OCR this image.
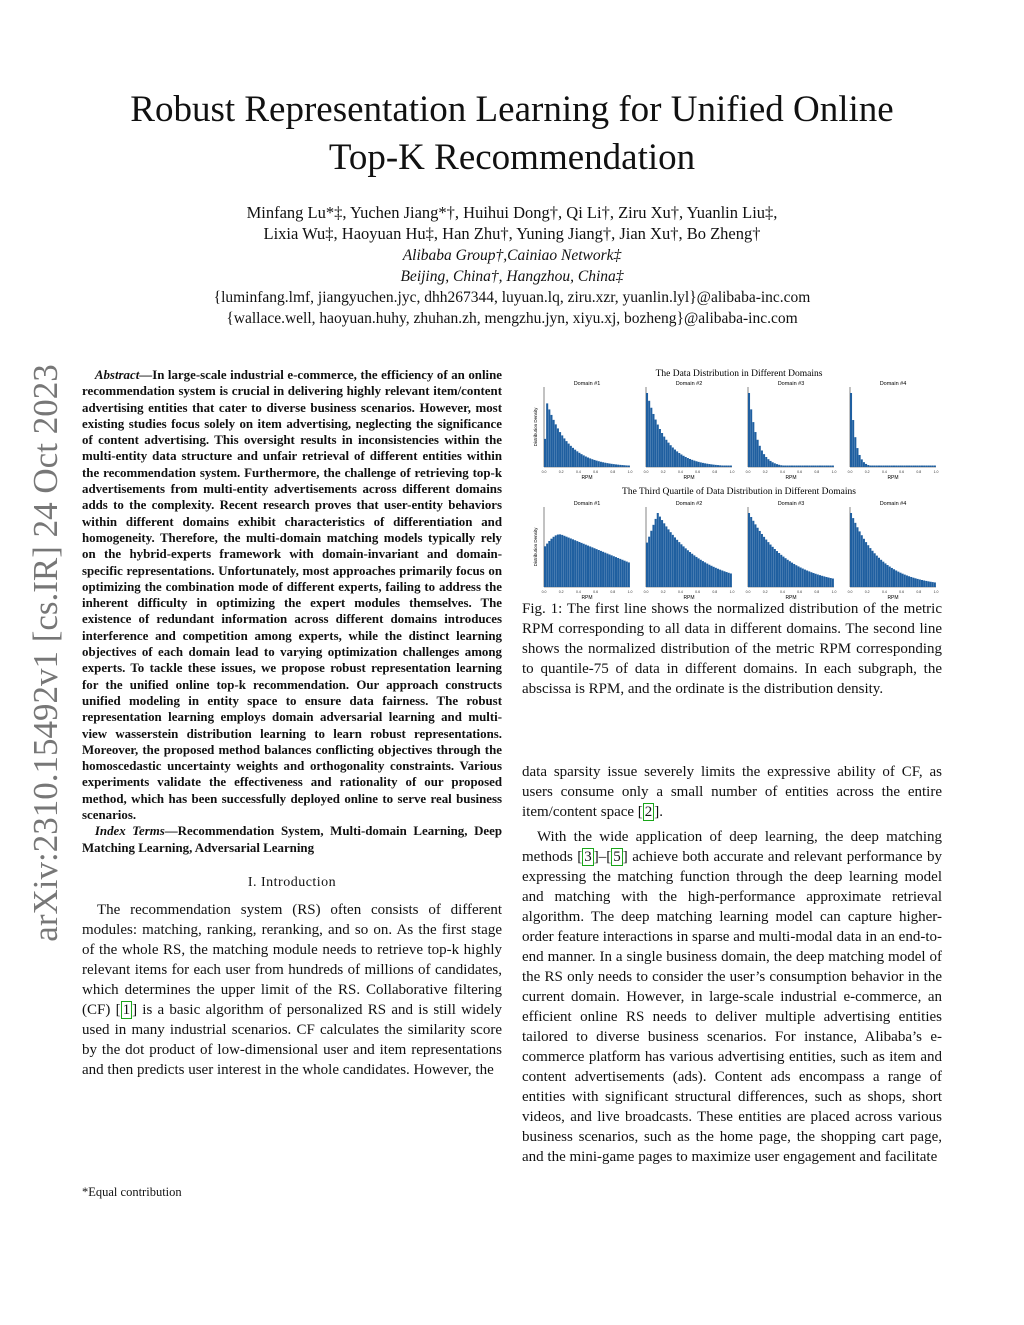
Robust Representation Learning for Unified Online
Top-K Recommendation
Minfang Lu*‡, Yuchen Jiang*†, Huihui Dong†, Qi Li†, Ziru Xu†, Yuanlin Liu‡,
Lixia Wu‡, Haoyuan Hu‡, Han Zhu†, Yuning Jiang†, Jian Xu†, Bo Zheng†
Alibaba Group†,Cainiao Network‡
Beijing, China†, Hangzhou, China‡
{luminfang.lmf, jiangyuchen.jyc, dhh267344, luyuan.lq, ziru.xzr, yuanlin.lyl}@alibaba-inc.com
{wallace.well, haoyuan.huhy, zhuhan.zh, mengzhu.jyn, xiyu.xj, bozheng}@alibaba-inc.com
arXiv:2310.15492v1 [cs.IR] 24 Oct 2023	Abstract—In large-scale industrial e-commerce, the efficiency of an online recommendation system is crucial in delivering highly relevant item/content advertising entities that cater to diverse business scenarios. However, most existing studies focus solely on item advertising, neglecting the significance of content advertising. This oversight results in inconsistencies within the multi-entity data structure and unfair retrieval of different entities within the recommendation system. Furthermore, the challenge of retrieving top-k advertisements from multi-entity advertisements across different domains adds to the complexity. Recent research proves that user-entity behaviors within different domains exhibit characteristics of differentiation and homogeneity. Therefore, the multi-domain matching models typically rely on the hybrid-experts framework with domain-invariant and domain-specific representations. Unfortunately, most approaches primarily focus on optimizing the combination mode of different experts, failing to address the inherent difficulty in optimizing the expert modules themselves. The existence of redundant information across different domains introduces interference and competition among experts, while the distinct learning objectives of each domain lead to varying optimization challenges among experts. To tackle these issues, we propose robust representation learning for the unified online top-k recommendation. Our approach constructs unified modeling in entity space to ensure data fairness. The robust representation learning employs domain adversarial learning and multi-view wasserstein distribution learning to learn robust representations. Moreover, the proposed method balances conflicting objectives through the homoscedastic uncertainty weights and orthogonality constraints. Various experiments validate the effectiveness and rationality of our proposed method, which has been successfully deployed online to serve real business scenarios.

Index Terms—Recommendation System, Multi-domain Learning, Deep Matching Learning, Adversarial Learning

I. Introduction

The recommendation system (RS) often consists of different modules: matching, ranking, reranking, and so on. As the first stage of the whole RS, the matching module needs to retrieve top-k highly relevant items for each user from hundreds of millions of candidates, which determines the upper limit of the RS. Collaborative filtering (CF) [ 1 ] is a basic algorithm of personalized RS and is still widely used in many industrial scenarios. CF calculates the similarity score by the dot product of low-dimensional user and item representations and then predicts user interest in the whole candidates. However, the

*Equal contribution
The Data Distribution in Different Domains
The Third Quartile of Data Distribution in Different Domains
Domain #1
0.0	0.2	0.4	0.6	0.8	1.0
RPM
Distribution Density
Domain #2
0.0	0.2	0.4	0.6	0.8	1.0
RPM
Domain #3
0.0	0.2	0.4	0.6	0.8	1.0
RPM
Domain #4
0.0	0.2	0.4	0.6	0.8	1.0
RPM
Domain #1
0.0	0.2	0.4	0.6	0.8	1.0
RPM
Distribution Density
Domain #2
0.0	0.2	0.4	0.6	0.8	1.0
RPM
Domain #3
0.0	0.2	0.4	0.6	0.8	1.0
RPM
Domain #4
0.0	0.2	0.4	0.6	0.8	1.0
RPM

Fig. 1: The first line shows the normalized distribution of the metric RPM corresponding to all data in different domains. The second line shows the normalized distribution of the metric RPM corresponding to quantile-75 of data in different domains. In each subgraph, the abscissa is RPM, and the ordinate is the distribution density.

data sparsity issue severely limits the expressive ability of CF, as users consume only a small number of entities across the entire item/content space [ 2 ].

With the wide application of deep learning, the deep matching methods [ 3 ]–[ 5 ] achieve both accurate and relevant performance by expressing the matching function through the deep learning model and matching with the high-performance approximate retrieval algorithm. The deep matching learning model can capture higher-order feature interactions in sparse and multi-modal data in an end-to-end manner. In a single business domain, the deep matching model of the RS only needs to consider the user’s consumption behavior in the current domain. However, in large-scale industrial e-commerce, an efficient online RS needs to deliver multiple advertising entities tailored to diverse business scenarios. For instance, Alibaba’s e-commerce platform has various advertising entities, such as item and content advertisements (ads). Content ads encompass a range of entities with significant structural differences, such as shops, short videos, and live broadcasts. These entities are placed across various business scenarios, such as the home page, the shopping cart page, and the mini-game pages to maximize user engagement and facilitate
